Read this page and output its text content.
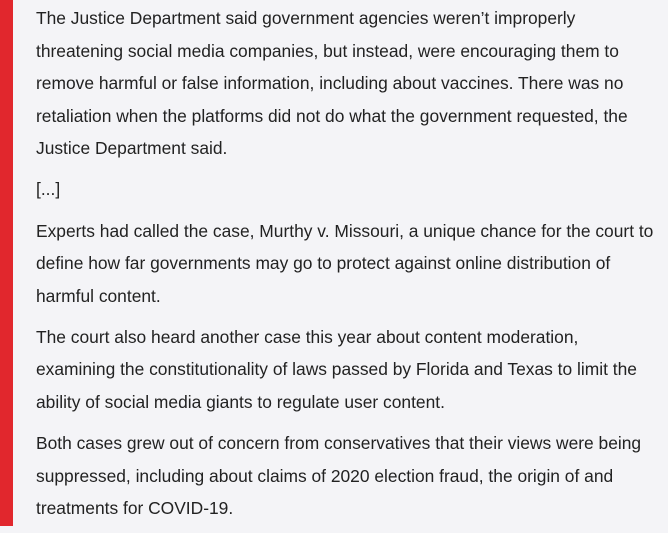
The Justice Department said government agencies weren’t improperly threatening social media companies, but instead, were encouraging them to remove harmful or false information, including about vaccines. There was no retaliation when the platforms did not do what the government requested, the Justice Department said.

[...]

Experts had called the case, Murthy v. Missouri, a unique chance for the court to define how far governments may go to protect against online distribution of harmful content.

The court also heard another case this year about content moderation, examining the constitutionality of laws passed by Florida and Texas to limit the ability of social media giants to regulate user content.

Both cases grew out of concern from conservatives that their views were being suppressed, including about claims of 2020 election fraud, the origin of and treatments for COVID-19.
